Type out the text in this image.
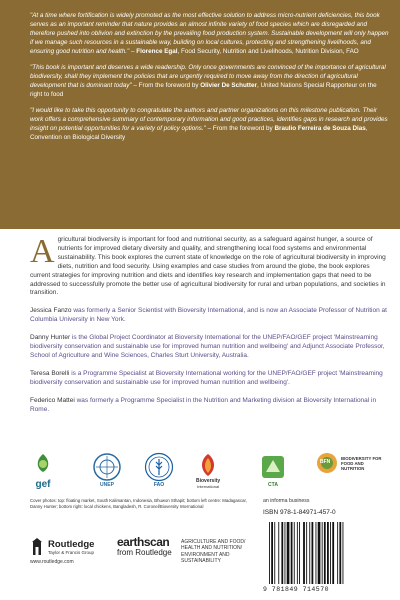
"At a time where fortification is widely promoted as the most effective solution to address micro-nutrient deficiencies, this book serves as an important reminder that nature provides an almost infinite variety of food species which are disregarded and therefore pushed into oblivion and extinction by the prevailing food production system. Sustainable development will only happen if we manage such resources in a sustainable way, building on local cultures, protecting and strengthening livelihoods, and ensuring good nutrition and health." – Florence Egal, Food Security, Nutrition and Livelihoods, Nutrition Division, FAO

"This book is important and deserves a wide readership. Only once governments are convinced of the importance of agricultural biodiversity, shall they implement the policies that are urgently required to move away from the direction of agricultural development that is dominant today" – From the foreword by Olivier De Schutter, United Nations Special Rapporteur on the right to food

"I would like to take this opportunity to congratulate the authors and partner organizations on this milestone publication. Their work offers a comprehensive summary of contemporary information and good practices, identifies gaps in research and provides insight on potential opportunities for a variety of policy options." – From the foreword by Braulio Ferreira de Souza Dias, Convention on Biological Diversity

Agricultural biodiversity is important for food and nutritional security, as a safeguard against hunger, a source of nutrients for improved dietary diversity and quality, and strengthening local food systems and environmental sustainability. This book explores the current state of knowledge on the role of agricultural biodiversity in improving diets, nutrition and food security. Using examples and case studies from around the globe, the book explores current strategies for improving nutrition and diets and identifies key research and implementation gaps that need to be addressed to successfully promote the better use of agricultural biodiversity for rural and urban populations, and societies in transition.

Jessica Fanzo was formerly a Senior Scientist with Bioversity International, and is now an Associate Professor of Nutrition at Columbia University in New York.

Danny Hunter is the Global Project Coordinator at Bioversity International for the UNEP/FAO/GEF project 'Mainstreaming biodiversity conservation and sustainable use for improved human nutrition and wellbeing' and Adjunct Associate Professor, School of Agriculture and Wine Sciences, Charles Sturt University, Australia.

Teresa Borelli is a Programme Specialist at Bioversity International working for the UNEP/FAO/GEF project 'Mainstreaming biodiversity conservation and sustainable use for improved human nutrition and wellbeing'.

Federico Mattei was formerly a Programme Specialist in the Nutrition and Marketing division at Bioversity International in Rome.

gef	UNEP	FAO
Bioversity
International	CTA
BFN
BIODIVERSITY FOR FOOD AND NUTRITION

Cover photos: top: floating market, South Kalimantan, Indonesia, Bhuwon Sthapit; bottom left centre: Madagascar, Danny Hunter; bottom right: local chickens, Bangladesh, R. Coronel/Bioversity International

Routledge
Taylor & Francis Group
www.routledge.com
earthscan
from Routledge
AGRICULTURE AND FOOD/ HEALTH AND NUTRITION/ ENVIRONMENT AND SUSTAINABILITY
an informa business
ISBN 978-1-84971-457-0
9 781849 714570
